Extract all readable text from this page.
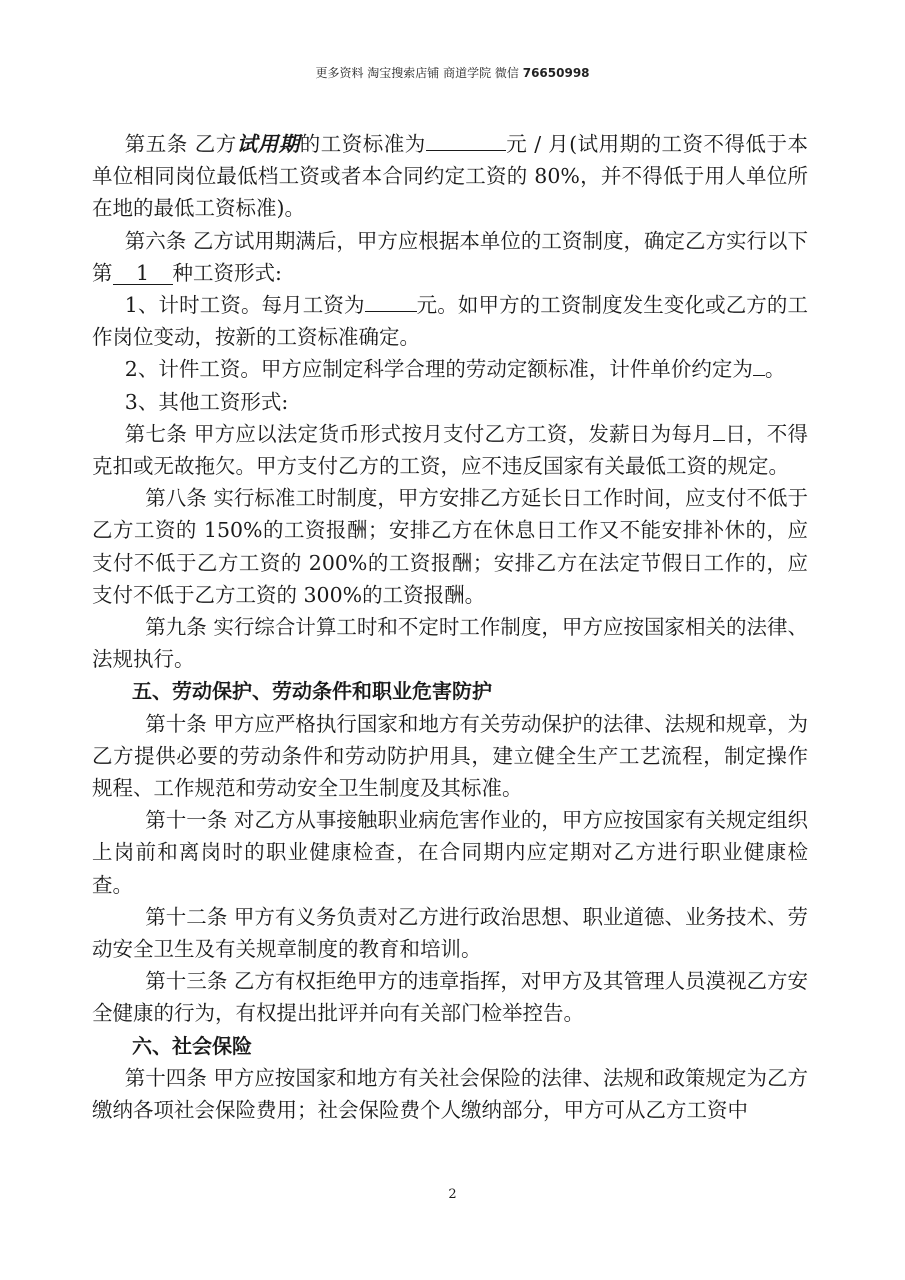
更多资料 淘宝搜索店铺 商道学院 微信 76650998

第五条 乙方试用期的工资标准为	元 / 月(试用期的工资不得低于本单位相同岗位最低档工资或者本合同约定工资的 80%，并不得低于用人单位所在地的最低工资标准)。

第六条 乙方试用期满后，甲方应根据本单位的工资制度，确定乙方实行以下第 1 种工资形式:

1、计时工资。每月工资为	元。如甲方的工资制度发生变化或乙方的工作岗位变动，按新的工资标准确定。

2、计件工资。甲方应制定科学合理的劳动定额标准，计件单价约定为 。

3、其他工资形式:

第七条 甲方应以法定货币形式按月支付乙方工资，发薪日为每月 日，不得克扣或无故拖欠。甲方支付乙方的工资，应不违反国家有关最低工资的规定。

第八条 实行标准工时制度，甲方安排乙方延长日工作时间，应支付不低于乙方工资的 150%的工资报酬；安排乙方在休息日工作又不能安排补休的，应支付不低于乙方工资的 200%的工资报酬；安排乙方在法定节假日工作的，应支付不低于乙方工资的 300%的工资报酬。

第九条 实行综合计算工时和不定时工作制度，甲方应按国家相关的法律、法规执行。

五、劳动保护、劳动条件和职业危害防护

第十条 甲方应严格执行国家和地方有关劳动保护的法律、法规和规章，为乙方提供必要的劳动条件和劳动防护用具，建立健全生产工艺流程，制定操作规程、工作规范和劳动安全卫生制度及其标准。

第十一条 对乙方从事接触职业病危害作业的，甲方应按国家有关规定组织上岗前和离岗时的职业健康检查，在合同期内应定期对乙方进行职业健康检查。

第十二条 甲方有义务负责对乙方进行政治思想、职业道德、业务技术、劳动安全卫生及有关规章制度的教育和培训。

第十三条 乙方有权拒绝甲方的违章指挥，对甲方及其管理人员漠视乙方安全健康的行为，有权提出批评并向有关部门检举控告。

六、社会保险

第十四条 甲方应按国家和地方有关社会保险的法律、法规和政策规定为乙方缴纳各项社会保险费用；社会保险费个人缴纳部分，甲方可从乙方工资中

2
